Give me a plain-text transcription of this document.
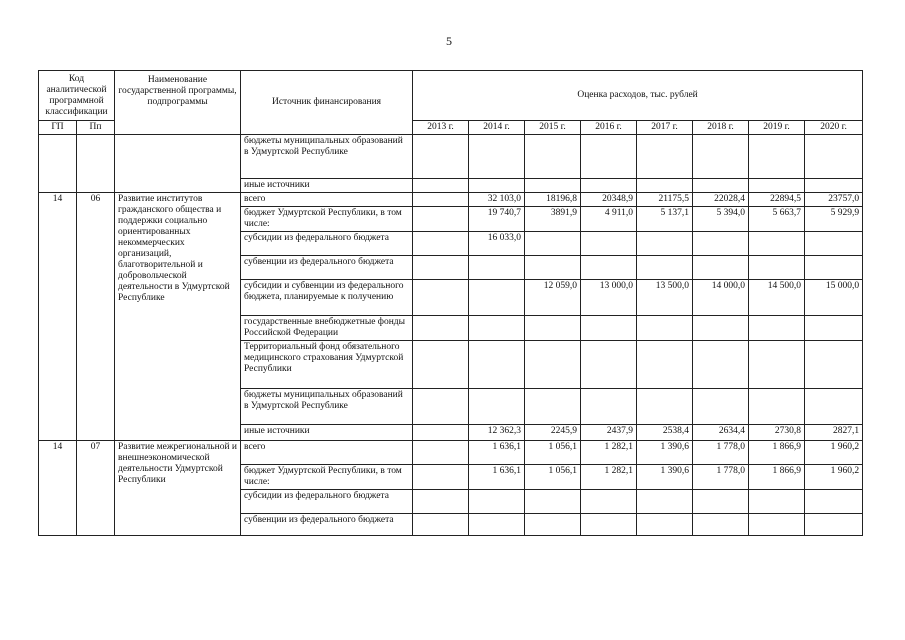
5
Код аналитической программной классификации		Наименование государственной программы, подпрограммы	Источник финансирования	Оценка расходов, тыс. рублей							
ГП	Пп			2013 г.	2014 г.	2015 г.	2016 г.	2017 г.	2018 г.	2019 г.	2020 г.
			бюджеты муниципальных образований в Удмуртской Республике								
			иные источники								
14	06	Развитие институтов гражданского общества и поддержки социально ориентированных некоммерческих организаций, благотворительной и добровольческой деятельности в Удмуртской Республике	всего		32 103,0	18196,8	20348,9	21175,5	22028,4	22894,5	23757,0
			бюджет Удмуртской Республики, в том числе:		19 740,7	3891,9	4 911,0	5 137,1	5 394,0	5 663,7	5 929,9
			субсидии из федерального бюджета		16 033,0						
			субвенции из федерального бюджета								
			субсидии и субвенции из федерального бюджета, планируемые к получению			12 059,0	13 000,0	13 500,0	14 000,0	14 500,0	15 000,0
			государственные внебюджетные фонды Российской Федерации								
			Территориальный фонд обязательного медицинского страхования Удмуртской Республики								
			бюджеты муниципальных образований в Удмуртской Республике								
			иные источники		12 362,3	2245,9	2437,9	2538,4	2634,4	2730,8	2827,1
14	07	Развитие межрегиональной и внешнеэкономической деятельности Удмуртской Республики	всего		1 636,1	1 056,1	1 282,1	1 390,6	1 778,0	1 866,9	1 960,2
			бюджет Удмуртской Республики, в том числе:		1 636,1	1 056,1	1 282,1	1 390,6	1 778,0	1 866,9	1 960,2
			субсидии из федерального бюджета								
			субвенции из федерального бюджета								
